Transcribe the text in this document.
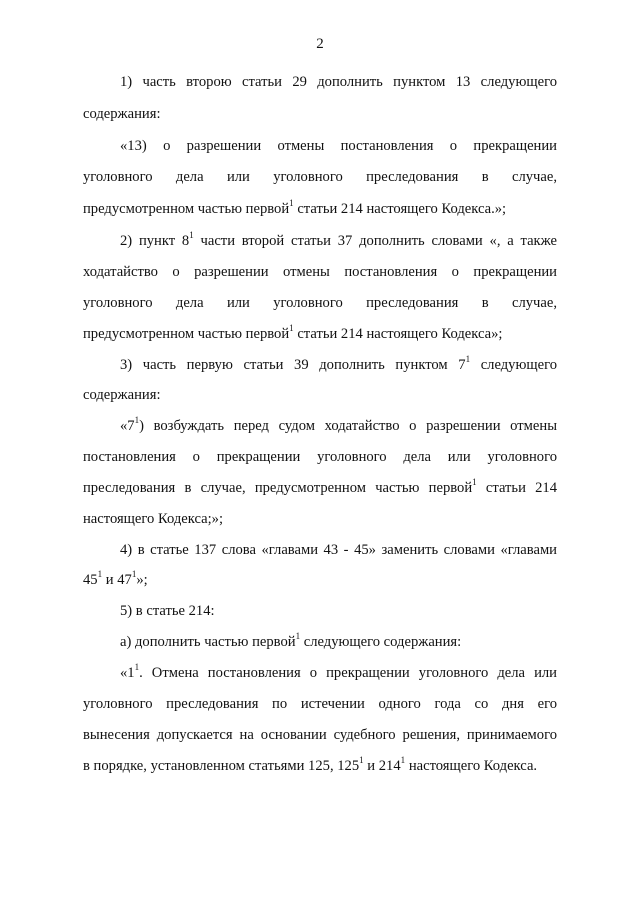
2
1) часть второю статьи 29 дополнить пунктом 13 следующего
содержания:
«13) о разрешении отмены постановления о прекращении
уголовного дела или уголовного преследования в случае,
предусмотренном частью первой$^1$ статьи 214 настоящего Кодекса.»;
2) пункт $8^1$ части второй статьи 37 дополнить словами «, а также
ходатайство о разрешении отмены постановления о прекращении
уголовного дела или уголовного преследования в случае,
предусмотренном частью первой$^1$ статьи 214 настоящего Кодекса»;
3) часть первую статьи 39 дополнить пунктом $7^1$ следующего
содержания:
«$7^1$) возбуждать перед судом ходатайство о разрешении отмены
постановления о прекращении уголовного дела или уголовного
преследования в случае, предусмотренном частью первой$^1$ статьи 214
настоящего Кодекса;»;
4) в статье 137 слова «главами 43 - 45» заменить словами «главами
$45^1$ и $47^1$»;
5) в статье 214:
а) дополнить частью первой$^1$ следующего содержания:
«$1^1$. Отмена постановления о прекращении уголовного дела или
уголовного преследования по истечении одного года со дня его
вынесения допускается на основании судебного решения, принимаемого
в порядке, установленном статьями 125, $125^1$ и $214^1$ настоящего Кодекса.
